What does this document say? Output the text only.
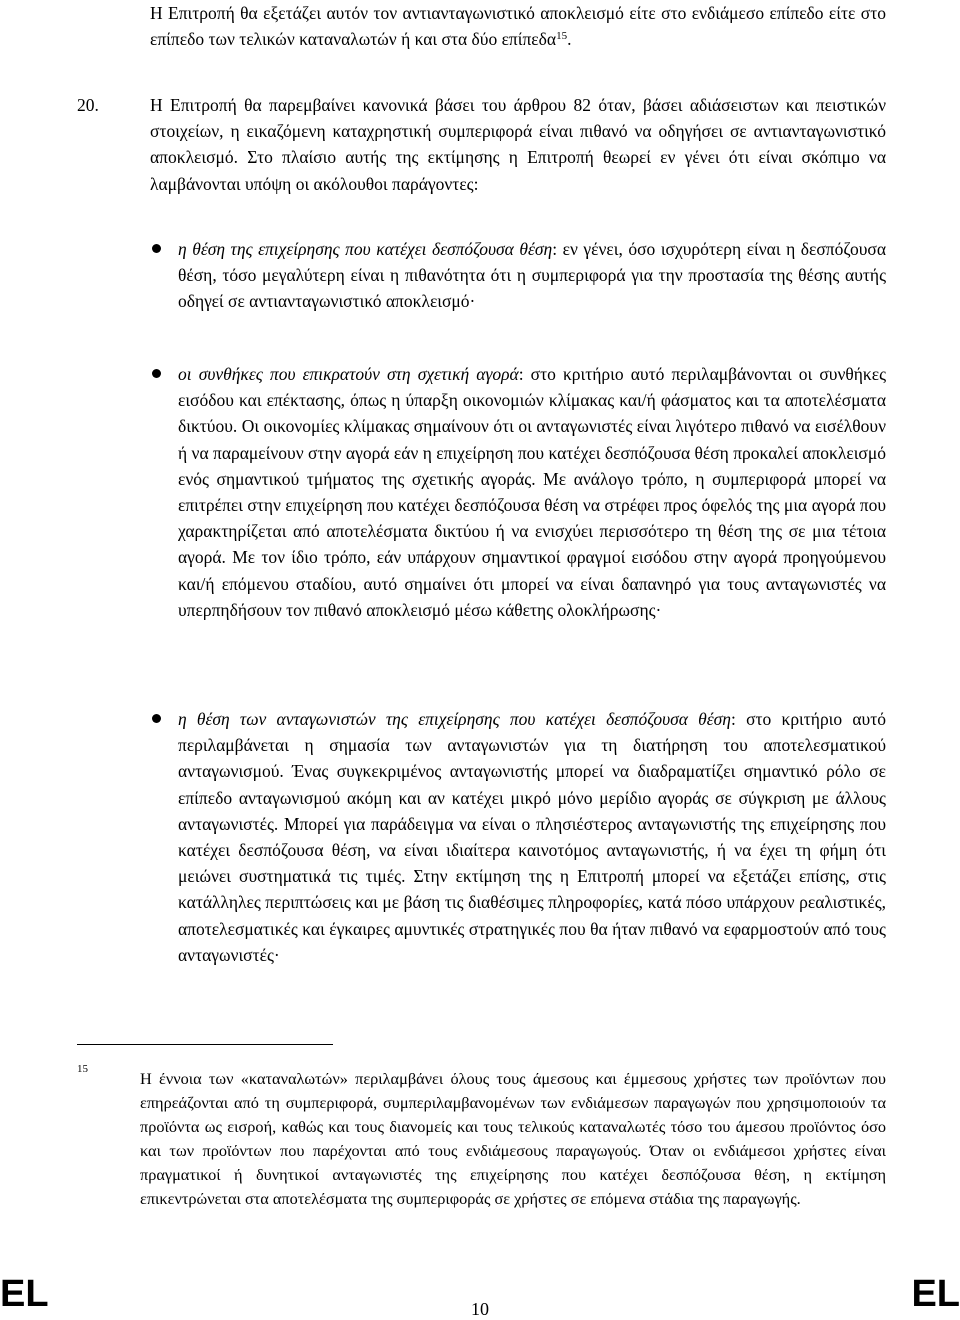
Η Επιτροπή θα εξετάζει αυτόν τον αντιανταγωνιστικό αποκλεισμό είτε στο ενδιάμεσο επίπεδο είτε στο επίπεδο των τελικών καταναλωτών ή και στα δύο επίπεδα$^{15}$.
20.	Η Επιτροπή θα παρεμβαίνει κανονικά βάσει του άρθρου 82 όταν, βάσει αδιάσειστων και πειστικών στοιχείων, η εικαζόμενη καταχρηστική συμπεριφορά είναι πιθανό να οδηγήσει σε αντιανταγωνιστικό αποκλεισμό. Στο πλαίσιο αυτής της εκτίμησης η Επιτροπή θεωρεί εν γένει ότι είναι σκόπιμο να λαμβάνονται υπόψη οι ακόλουθοι παράγοντες:
η θέση της επιχείρησης που κατέχει δεσπόζουσα θέση: εν γένει, όσο ισχυρότερη είναι η δεσπόζουσα θέση, τόσο μεγαλύτερη είναι η πιθανότητα ότι η συμπεριφορά για την προστασία της θέσης αυτής οδηγεί σε αντιανταγωνιστικό αποκλεισμό·
οι συνθήκες που επικρατούν στη σχετική αγορά: στο κριτήριο αυτό περιλαμβάνονται οι συνθήκες εισόδου και επέκτασης, όπως η ύπαρξη οικονομιών κλίμακας και/ή φάσματος και τα αποτελέσματα δικτύου. Οι οικονομίες κλίμακας σημαίνουν ότι οι ανταγωνιστές είναι λιγότερο πιθανό να εισέλθουν ή να παραμείνουν στην αγορά εάν η επιχείρηση που κατέχει δεσπόζουσα θέση προκαλεί αποκλεισμό ενός σημαντικού τμήματος της σχετικής αγοράς. Με ανάλογο τρόπο, η συμπεριφορά μπορεί να επιτρέπει στην επιχείρηση που κατέχει δεσπόζουσα θέση να στρέφει προς όφελός της μια αγορά που χαρακτηρίζεται από αποτελέσματα δικτύου ή να ενισχύει περισσότερο τη θέση της σε μια τέτοια αγορά. Με τον ίδιο τρόπο, εάν υπάρχουν σημαντικοί φραγμοί εισόδου στην αγορά προηγούμενου και/ή επόμενου σταδίου, αυτό σημαίνει ότι μπορεί να είναι δαπανηρό για τους ανταγωνιστές να υπερπηδήσουν τον πιθανό αποκλεισμό μέσω κάθετης ολοκλήρωσης·
η θέση των ανταγωνιστών της επιχείρησης που κατέχει δεσπόζουσα θέση: στο κριτήριο αυτό περιλαμβάνεται η σημασία των ανταγωνιστών για τη διατήρηση του αποτελεσματικού ανταγωνισμού. Ένας συγκεκριμένος ανταγωνιστής μπορεί να διαδραματίζει σημαντικό ρόλο σε επίπεδο ανταγωνισμού ακόμη και αν κατέχει μικρό μόνο μερίδιο αγοράς σε σύγκριση με άλλους ανταγωνιστές. Μπορεί για παράδειγμα να είναι ο πλησιέστερος ανταγωνιστής της επιχείρησης που κατέχει δεσπόζουσα θέση, να είναι ιδιαίτερα καινοτόμος ανταγωνιστής, ή να έχει τη φήμη ότι μειώνει συστηματικά τις τιμές. Στην εκτίμηση της η Επιτροπή μπορεί να εξετάζει επίσης, στις κατάλληλες περιπτώσεις και με βάση τις διαθέσιμες πληροφορίες, κατά πόσο υπάρχουν ρεαλιστικές, αποτελεσματικές και έγκαιρες αμυντικές στρατηγικές που θα ήταν πιθανό να εφαρμοστούν από τους ανταγωνιστές·
15	Η έννοια των «καταναλωτών» περιλαμβάνει όλους τους άμεσους και έμμεσους χρήστες των προϊόντων που επηρεάζονται από τη συμπεριφορά, συμπεριλαμβανομένων των ενδιάμεσων παραγωγών που χρησιμοποιούν τα προϊόντα ως εισροή, καθώς και τους διανομείς και τους τελικούς καταναλωτές τόσο του άμεσου προϊόντος όσο και των προϊόντων που παρέχονται από τους ενδιάμεσους παραγωγούς. Όταν οι ενδιάμεσοι χρήστες είναι πραγματικοί ή δυνητικοί ανταγωνιστές της επιχείρησης που κατέχει δεσπόζουσα θέση, η εκτίμηση επικεντρώνεται στα αποτελέσματα της συμπεριφοράς σε χρήστες σε επόμενα στάδια της παραγωγής.
EL	10	EL
